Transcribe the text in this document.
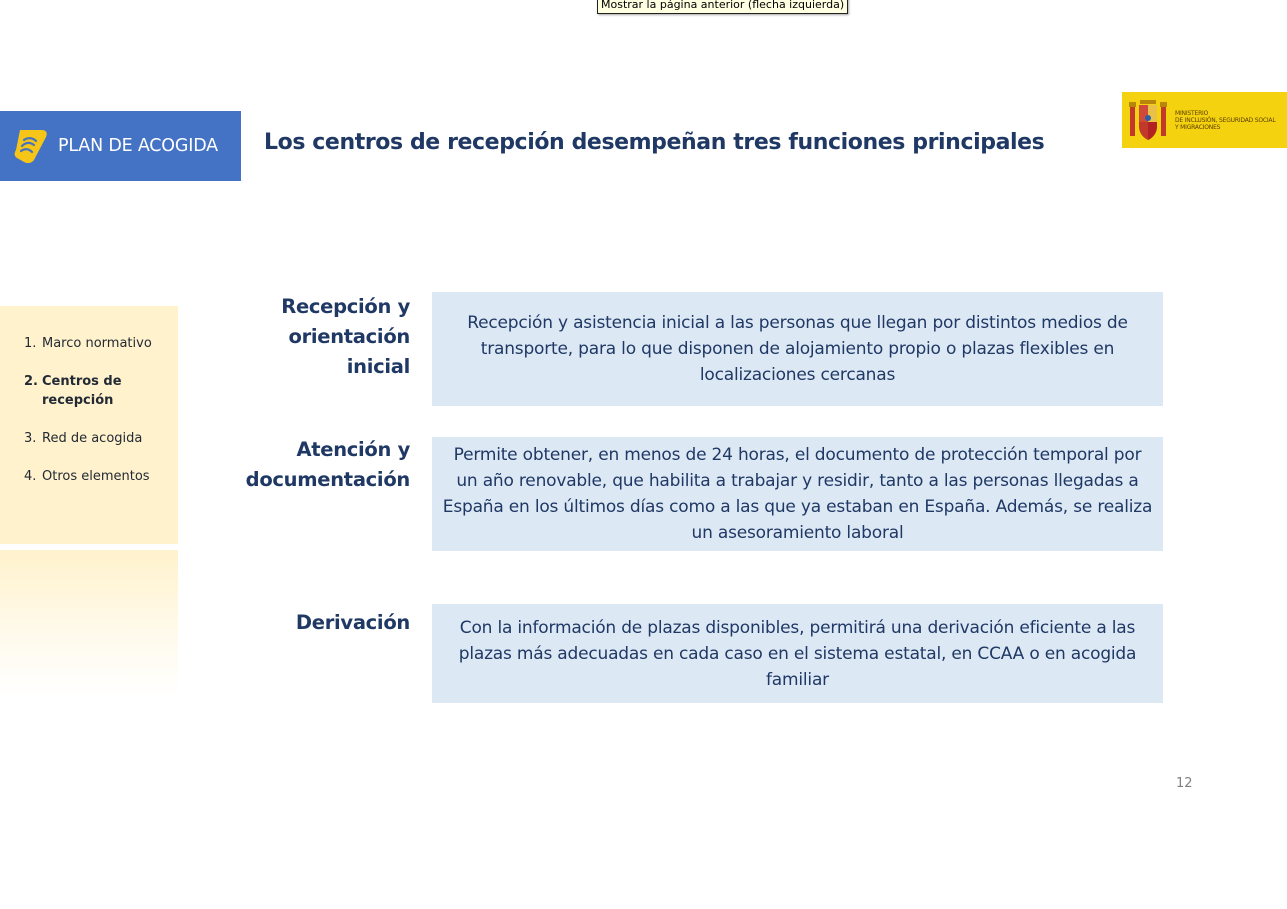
Mostrar la página anterior (flecha izquierda)
PLAN DE ACOGIDA Los centros de recepción desempeñan tres funciones principales
MINISTERIO
DE INCLUSIÓN, SEGURIDAD SOCIAL
Y MIGRACIONES
1. Marco normativo
2. Centros de recepción
3. Red de acogida
4. Otros elementos
Recepción y orientación inicial
Recepción y asistencia inicial a las personas que llegan por distintos medios de transporte, para lo que disponen de alojamiento propio o plazas flexibles en localizaciones cercanas
Atención y documentación
Permite obtener, en menos de 24 horas, el documento de protección temporal por un año renovable, que habilita a trabajar y residir, tanto a las personas llegadas a España en los últimos días como a las que ya estaban en España. Además, se realiza un asesoramiento laboral
Derivación	Con la información de plazas disponibles, permitirá una derivación eficiente a las plazas más adecuadas en cada caso en el sistema estatal, en CCAA o en acogida familiar
12
